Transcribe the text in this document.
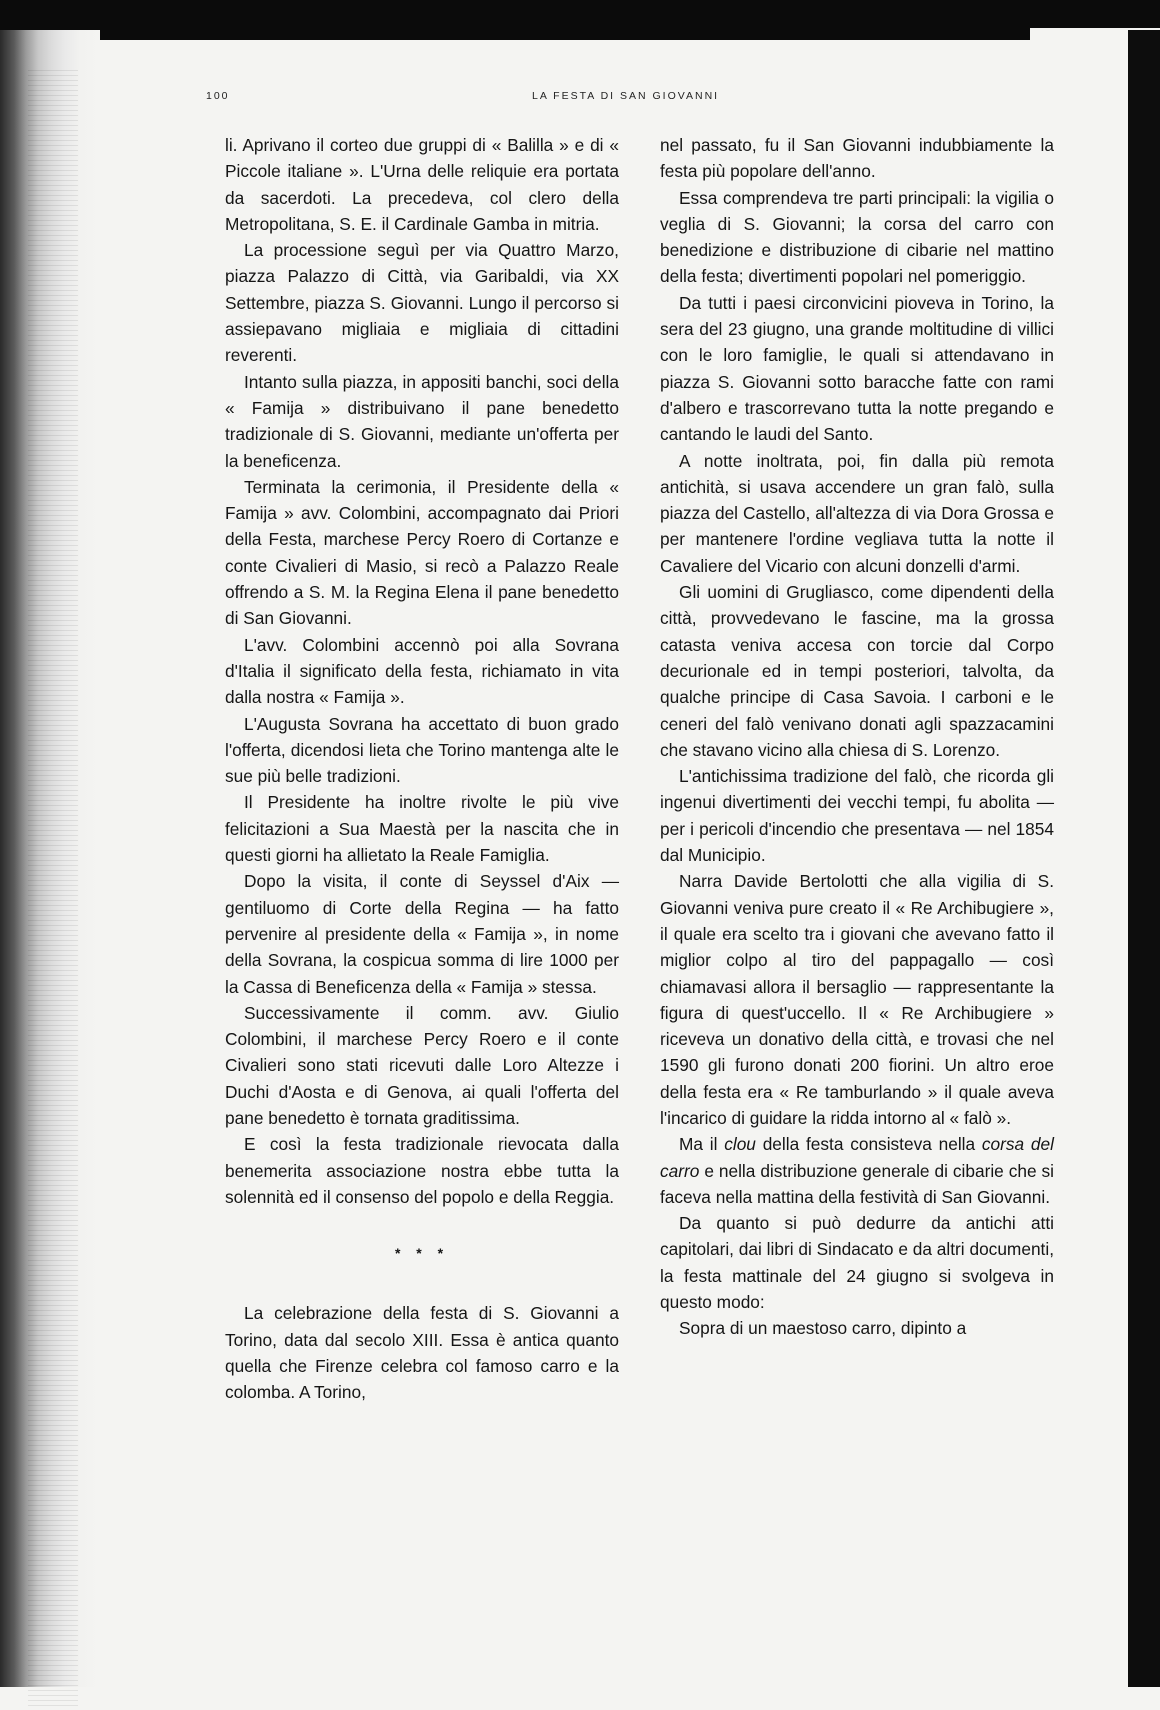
100	LA FESTA DI SAN GIOVANNI

li. Aprivano il corteo due gruppi di « Balilla » e di « Piccole italiane ». L'Urna delle reliquie era portata da sacerdoti. La precedeva, col clero della Metropolitana, S. E. il Cardinale Gamba in mitria.

La processione seguì per via Quattro Marzo, piazza Palazzo di Città, via Garibaldi, via XX Settembre, piazza S. Giovanni. Lungo il percorso si assiepavano migliaia e migliaia di cittadini reverenti.

Intanto sulla piazza, in appositi banchi, soci della « Famija » distribuivano il pane benedetto tradizionale di S. Giovanni, mediante un'offerta per la beneficenza.

Terminata la cerimonia, il Presidente della « Famija » avv. Colombini, accompagnato dai Priori della Festa, marchese Percy Roero di Cortanze e conte Civalieri di Masio, si recò a Palazzo Reale offrendo a S. M. la Regina Elena il pane benedetto di San Giovanni.

L'avv. Colombini accennò poi alla Sovrana d'Italia il significato della festa, richiamato in vita dalla nostra « Famija ».

L'Augusta Sovrana ha accettato di buon grado l'offerta, dicendosi lieta che Torino mantenga alte le sue più belle tradizioni.

Il Presidente ha inoltre rivolte le più vive felicitazioni a Sua Maestà per la nascita che in questi giorni ha allietato la Reale Famiglia.

Dopo la visita, il conte di Seyssel d'Aix — gentiluomo di Corte della Regina — ha fatto pervenire al presidente della « Famija », in nome della Sovrana, la cospicua somma di lire 1000 per la Cassa di Beneficenza della « Famija » stessa.

Successivamente il comm. avv. Giulio Colombini, il marchese Percy Roero e il conte Civalieri sono stati ricevuti dalle Loro Altezze i Duchi d'Aosta e di Genova, ai quali l'offerta del pane benedetto è tornata graditissima.

E così la festa tradizionale rievocata dalla benemerita associazione nostra ebbe tutta la solennità ed il consenso del popolo e della Reggia.

* * *

La celebrazione della festa di S. Giovanni a Torino, data dal secolo XIII. Essa è antica quanto quella che Firenze celebra col famoso carro e la colomba. A Torino,

nel passato, fu il San Giovanni indubbiamente la festa più popolare dell'anno.

Essa comprendeva tre parti principali: la vigilia o veglia di S. Giovanni; la corsa del carro con benedizione e distribuzione di cibarie nel mattino della festa; divertimenti popolari nel pomeriggio.

Da tutti i paesi circonvicini pioveva in Torino, la sera del 23 giugno, una grande moltitudine di villici con le loro famiglie, le quali si attendavano in piazza S. Giovanni sotto baracche fatte con rami d'albero e trascorrevano tutta la notte pregando e cantando le laudi del Santo.

A notte inoltrata, poi, fin dalla più remota antichità, si usava accendere un gran falò, sulla piazza del Castello, all'altezza di via Dora Grossa e per mantenere l'ordine vegliava tutta la notte il Cavaliere del Vicario con alcuni donzelli d'armi.

Gli uomini di Grugliasco, come dipendenti della città, provvedevano le fascine, ma la grossa catasta veniva accesa con torcie dal Corpo decurionale ed in tempi posteriori, talvolta, da qualche principe di Casa Savoia. I carboni e le ceneri del falò venivano donati agli spazzacamini che stavano vicino alla chiesa di S. Lorenzo.

L'antichissima tradizione del falò, che ricorda gli ingenui divertimenti dei vecchi tempi, fu abolita — per i pericoli d'incendio che presentava — nel 1854 dal Municipio.

Narra Davide Bertolotti che alla vigilia di S. Giovanni veniva pure creato il « Re Archibugiere », il quale era scelto tra i giovani che avevano fatto il miglior colpo al tiro del pappagallo — così chiamavasi allora il bersaglio — rappresentante la figura di quest'uccello. Il « Re Archibugiere » riceveva un donativo della città, e trovasi che nel 1590 gli furono donati 200 fiorini. Un altro eroe della festa era « Re tamburlando » il quale aveva l'incarico di guidare la ridda intorno al « falò ».

Ma il clou della festa consisteva nella corsa del carro e nella distribuzione generale di cibarie che si faceva nella mattina della festività di San Giovanni.

Da quanto si può dedurre da antichi atti capitolari, dai libri di Sindacato e da altri documenti, la festa mattinale del 24 giugno si svolgeva in questo modo:

Sopra di un maestoso carro, dipinto a
